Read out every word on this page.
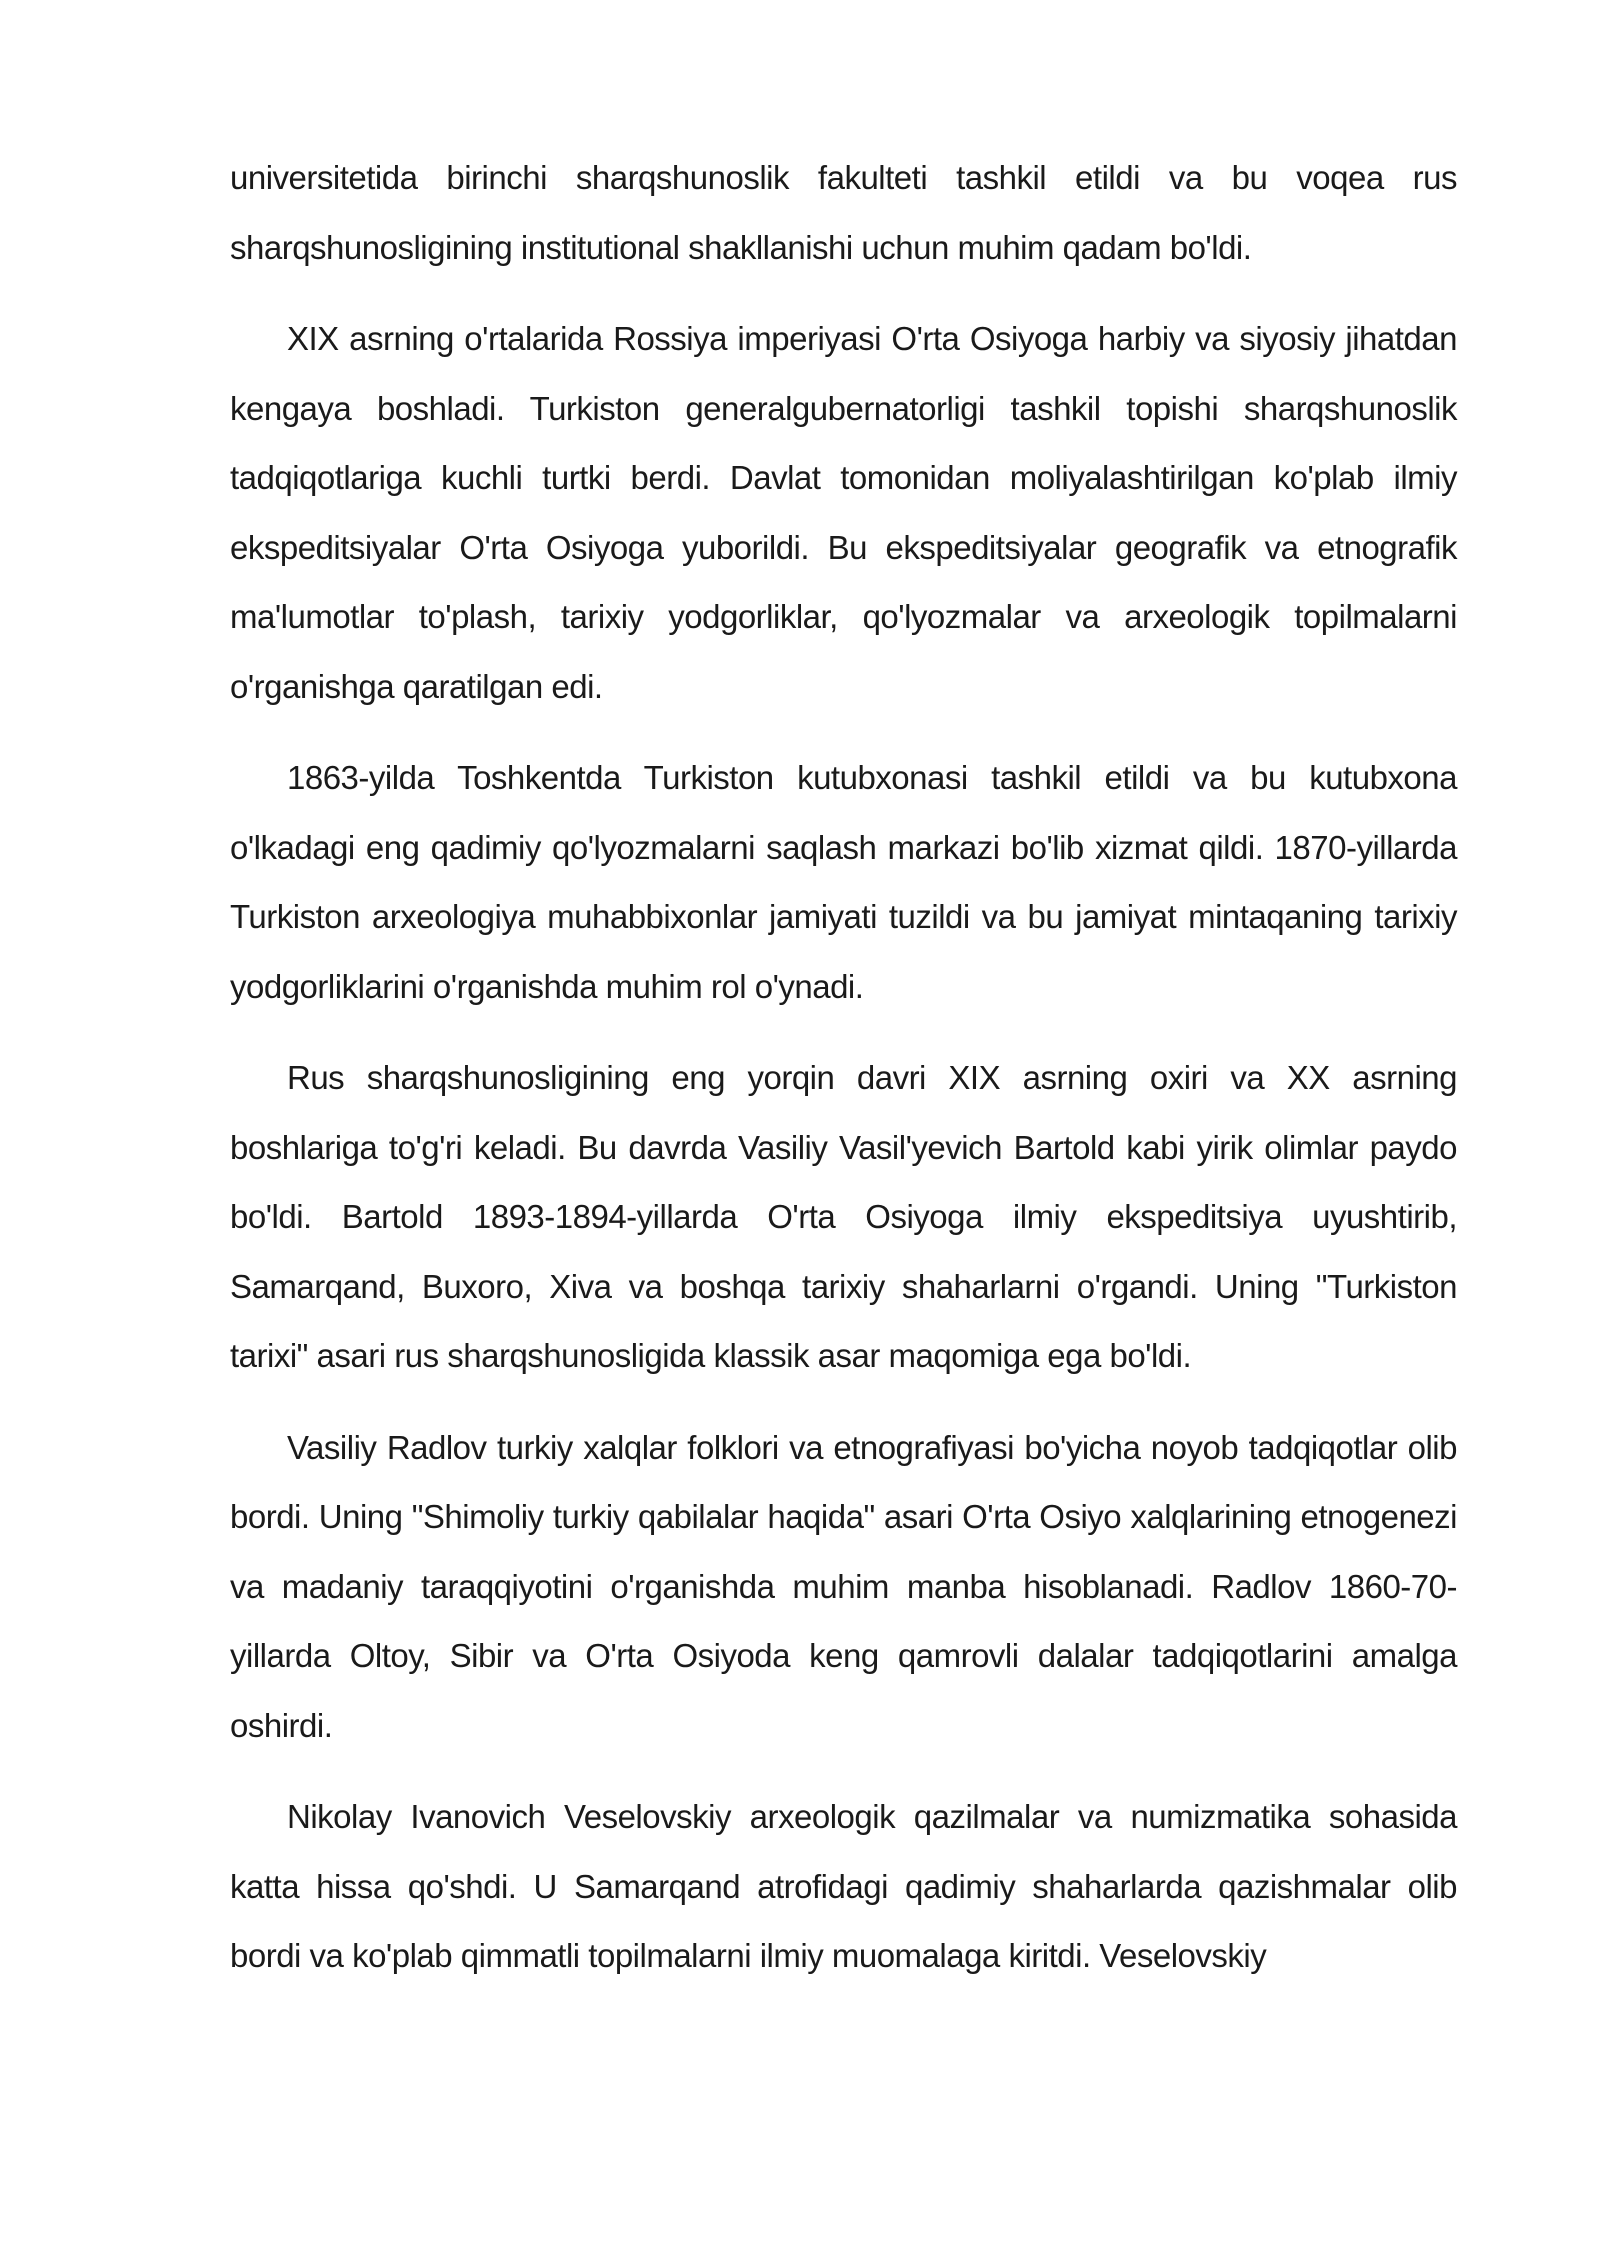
universitetida birinchi sharqshunoslik fakulteti tashkil etildi va bu voqea rus sharqshunosligining institutional shakllanishi uchun muhim qadam bo'ldi.

XIX asrning o'rtalarida Rossiya imperiyasi O'rta Osiyoga harbiy va siyosiy jihatdan kengaya boshladi. Turkiston generalgubernatorligi tashkil topishi sharqshunoslik tadqiqotlariga kuchli turtki berdi. Davlat tomonidan moliyalashtirilgan ko'plab ilmiy ekspeditsiyalar O'rta Osiyoga yuborildi. Bu ekspeditsiyalar geografik va etnografik ma'lumotlar to'plash, tarixiy yodgorliklar, qo'lyozmalar va arxeologik topilmalarni o'rganishga qaratilgan edi.

1863-yilda Toshkentda Turkiston kutubxonasi tashkil etildi va bu kutubxona o'lkadagi eng qadimiy qo'lyozmalarni saqlash markazi bo'lib xizmat qildi. 1870-yillarda Turkiston arxeologiya muhabbixonlar jamiyati tuzildi va bu jamiyat mintaqaning tarixiy yodgorliklarini o'rganishda muhim rol o'ynadi.

Rus sharqshunosligining eng yorqin davri XIX asrning oxiri va XX asrning boshlariga to'g'ri keladi. Bu davrda Vasiliy Vasil'yevich Bartold kabi yirik olimlar paydo bo'ldi. Bartold 1893-1894-yillarda O'rta Osiyoga ilmiy ekspeditsiya uyushtirib, Samarqand, Buxoro, Xiva va boshqa tarixiy shaharlarni o'rgandi. Uning "Turkiston tarixi" asari rus sharqshunosligida klassik asar maqomiga ega bo'ldi.

Vasiliy Radlov turkiy xalqlar folklori va etnografiyasi bo'yicha noyob tadqiqotlar olib bordi. Uning "Shimoliy turkiy qabilalar haqida" asari O'rta Osiyo xalqlarining etnogenezi va madaniy taraqqiyotini o'rganishda muhim manba hisoblanadi. Radlov 1860-70-yillarda Oltoy, Sibir va O'rta Osiyoda keng qamrovli dalalar tadqiqotlarini amalga oshirdi.

Nikolay Ivanovich Veselovskiy arxeologik qazilmalar va numizmatika sohasida katta hissa qo'shdi. U Samarqand atrofidagi qadimiy shaharlarda qazishmalar olib bordi va ko'plab qimmatli topilmalarni ilmiy muomalaga kiritdi. Veselovskiy
